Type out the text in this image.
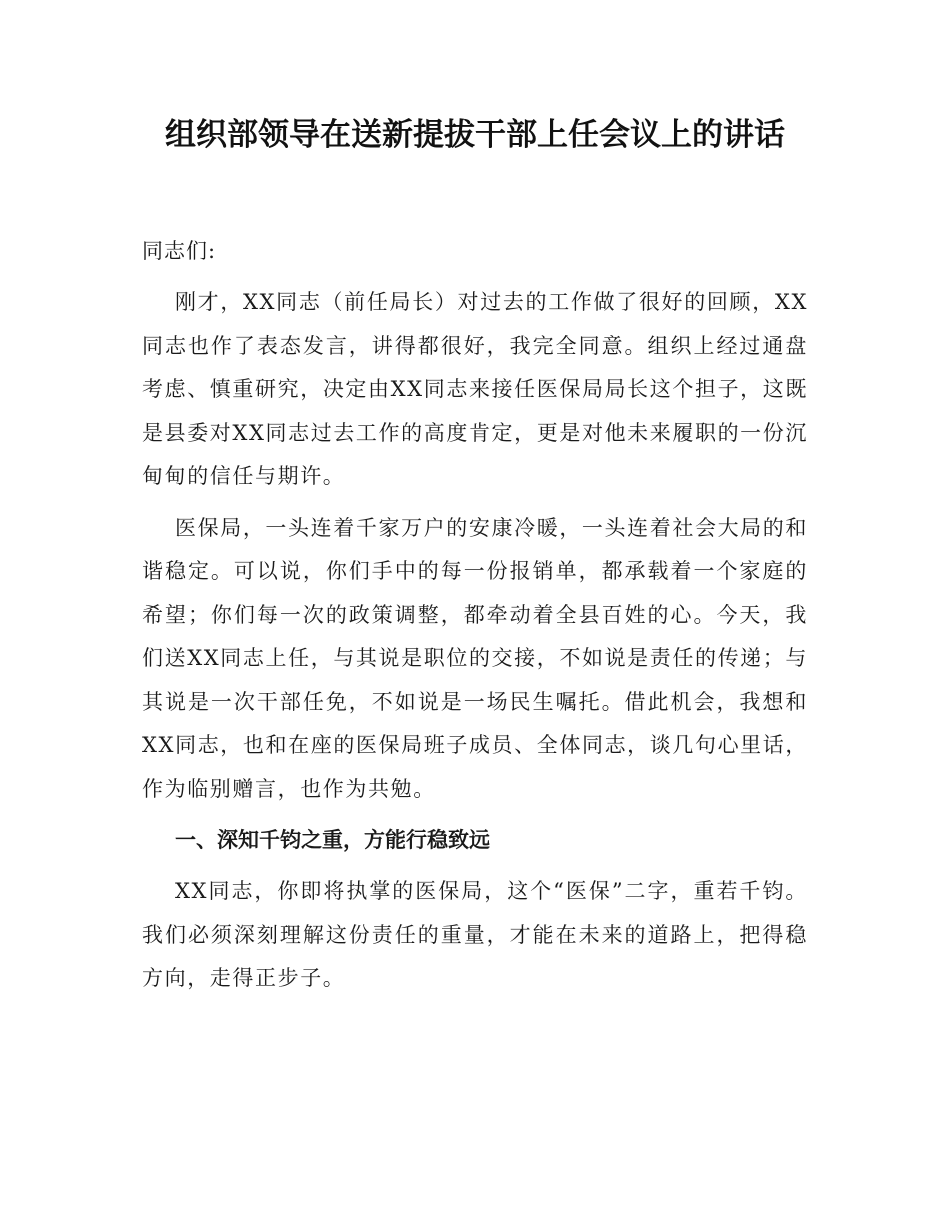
组织部领导在送新提拔干部上任会议上的讲话

同志们:

刚才，XX同志（前任局长）对过去的工作做了很好的回顾，XX同志也作了表态发言，讲得都很好，我完全同意。组织上经过通盘考虑、慎重研究，决定由XX同志来接任医保局局长这个担子，这既是县委对XX同志过去工作的高度肯定，更是对他未来履职的一份沉甸甸的信任与期许。

医保局，一头连着千家万户的安康冷暖，一头连着社会大局的和谐稳定。可以说，你们手中的每一份报销单，都承载着一个家庭的希望；你们每一次的政策调整，都牵动着全县百姓的心。今天，我们送XX同志上任，与其说是职位的交接，不如说是责任的传递；与其说是一次干部任免，不如说是一场民生嘱托。借此机会，我想和XX同志，也和在座的医保局班子成员、全体同志，谈几句心里话，作为临别赠言，也作为共勉。

一、深知千钧之重，方能行稳致远

XX同志，你即将执掌的医保局，这个“医保”二字，重若千钧。我们必须深刻理解这份责任的重量，才能在未来的道路上，把得稳方向，走得正步子。
